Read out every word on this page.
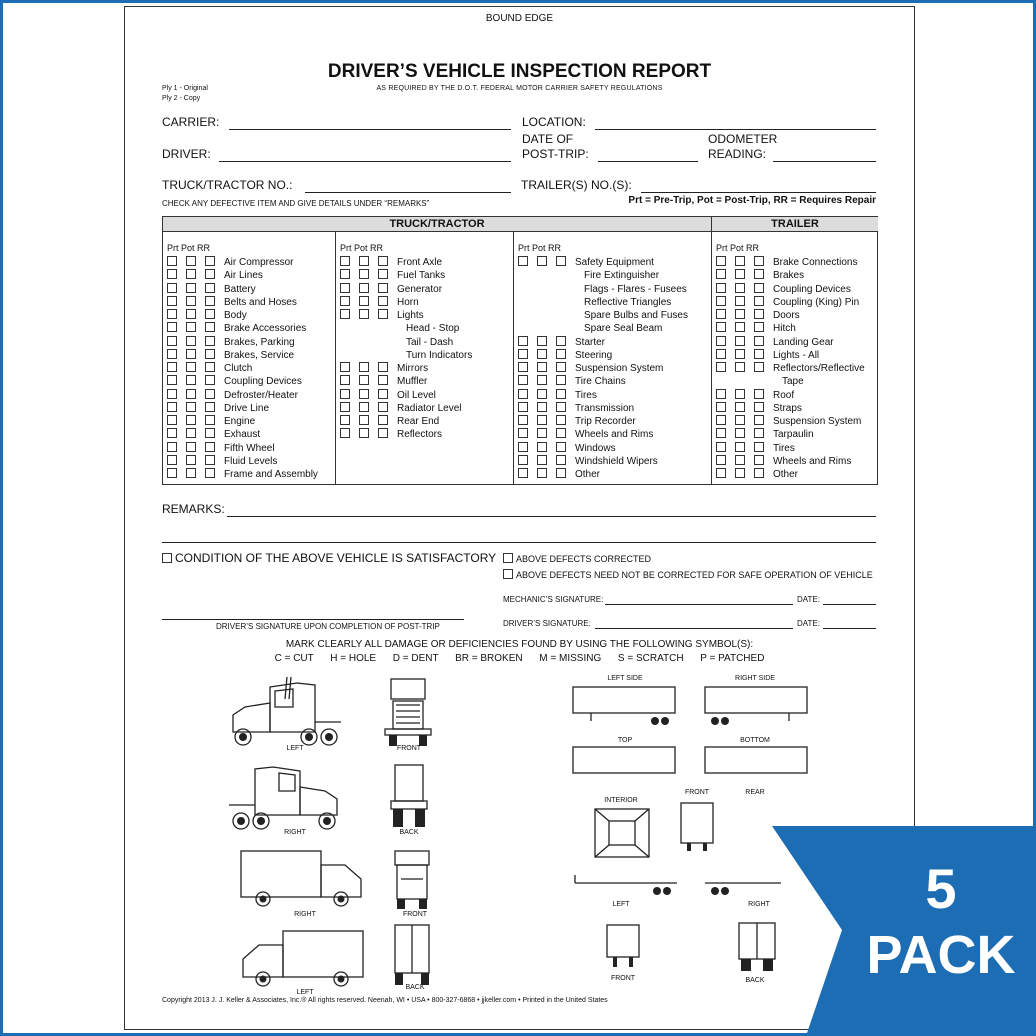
BOUND EDGE
DRIVER’S VEHICLE INSPECTION REPORT
AS REQUIRED BY THE D.O.T. FEDERAL MOTOR CARRIER SAFETY REGULATIONS
Ply 1 - Original
Ply 2 - Copy
CARRIER:	LOCATION:
DATE OF
POST-TRIP:
ODOMETER
READING:
DRIVER:
TRUCK/TRACTOR NO.:	TRAILER(S) NO.(S):
CHECK ANY DEFECTIVE ITEM AND GIVE DETAILS UNDER “REMARKS”	Prt = Pre-Trip, Pot = Post-Trip, RR = Requires Repair
TRUCK/TRACTOR	TRAILER
Prt Pot RR
Air Compressor
Air Lines
Battery
Belts and Hoses
Body
Brake Accessories
Brakes, Parking
Brakes, Service
Clutch
Coupling Devices
Defroster/Heater
Drive Line
Engine
Exhaust
Fifth Wheel
Fluid Levels
Frame and Assembly
Prt Pot RR
Front Axle
Fuel Tanks
Generator
Horn
Lights
Head - Stop
Tail - Dash
Turn Indicators
Mirrors
Muffler
Oil Level
Radiator Level
Rear End
Reflectors
Prt Pot RR
Safety Equipment
Fire Extinguisher
Flags - Flares - Fusees
Reflective Triangles
Spare Bulbs and Fuses
Spare Seal Beam
Starter
Steering
Suspension System
Tire Chains
Tires
Transmission
Trip Recorder
Wheels and Rims
Windows
Windshield Wipers
Other
Prt Pot RR
Brake Connections
Brakes
Coupling Devices
Coupling (King) Pin
Doors
Hitch
Landing Gear
Lights - All
Reflectors/Reflective
Tape
Roof
Straps
Suspension System
Tarpaulin
Tires
Wheels and Rims
Other
REMARKS:
CONDITION OF THE ABOVE VEHICLE IS SATISFACTORY	ABOVE DEFECTS CORRECTED
ABOVE DEFECTS NEED NOT BE CORRECTED FOR SAFE OPERATION OF VEHICLE
MECHANIC’S SIGNATURE:	DATE:
DRIVER’S SIGNATURE UPON COMPLETION OF POST-TRIP	DRIVER’S SIGNATURE:	DATE:
MARK CLEARLY ALL DAMAGE OR DEFICIENCIES FOUND BY USING THE FOLLOWING SYMBOL(S):
C = CUT      H = HOLE      D = DENT      BR = BROKEN      M = MISSING      S = SCRATCH      P = PATCHED
LEFT	FRONT
RIGHT	BACK
RIGHT	FRONT
LEFT
BACK
LEFT SIDE	RIGHT SIDE
TOP	BOTTOM
INTERIOR
FRONT	REAR
LEFT	RIGHT
FRONT	BACK
Copyright 2013 J. J. Keller & Associates, Inc.® All rights reserved. Neenah, WI • USA • 800-327-6868 • jjkeller.com • Printed in the United States
5
PACK
